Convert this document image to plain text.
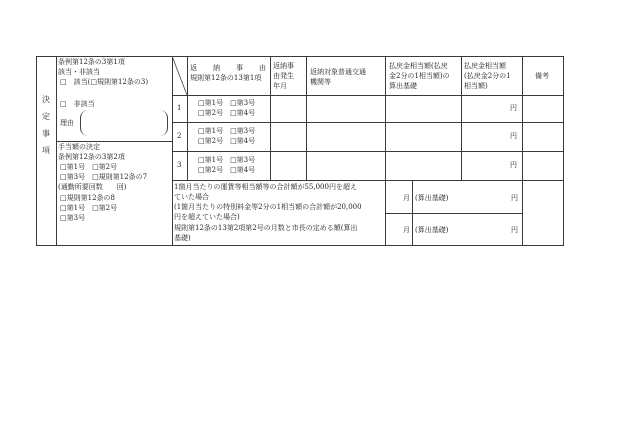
決定事項
条例第12条の3第1項
該当・非該当
□　該当(□規則第12条の3)
□　非該当
理由
手当額の決定
条例第12条の3第2項
□第1号　□第2号
□第3号　□規則第12条の7
(通勤所要回数　　回)
□規則第12条の8
□第1号　□第2号
□第3号
返　納　事　由
規則第12条の13第1項
返納事
由発生
年月
返納対象普通交通
機関等
払戻金相当額(払戻
金2分の1相当額)の
算出基礎
払戻金相当額
(払戻金2分の1
相当額)
備考
1
□第1号　□第3号
□第2号　□第4号
円
2
□第1号　□第3号
□第2号　□第4号
円
3
□第1号　□第3号
□第2号　□第4号
円
1箇月当たりの運賃等相当額等の合計額が55,000円を超え
ていた場合
(1箇月当たりの特別料金等2分の1相当額の合計額が20,000
円を超えていた場合)
規則第12条の13第2項第2号の月数と市長の定める額(算出
基礎)
月 (算出基礎)	円
月 (算出基礎)	円
